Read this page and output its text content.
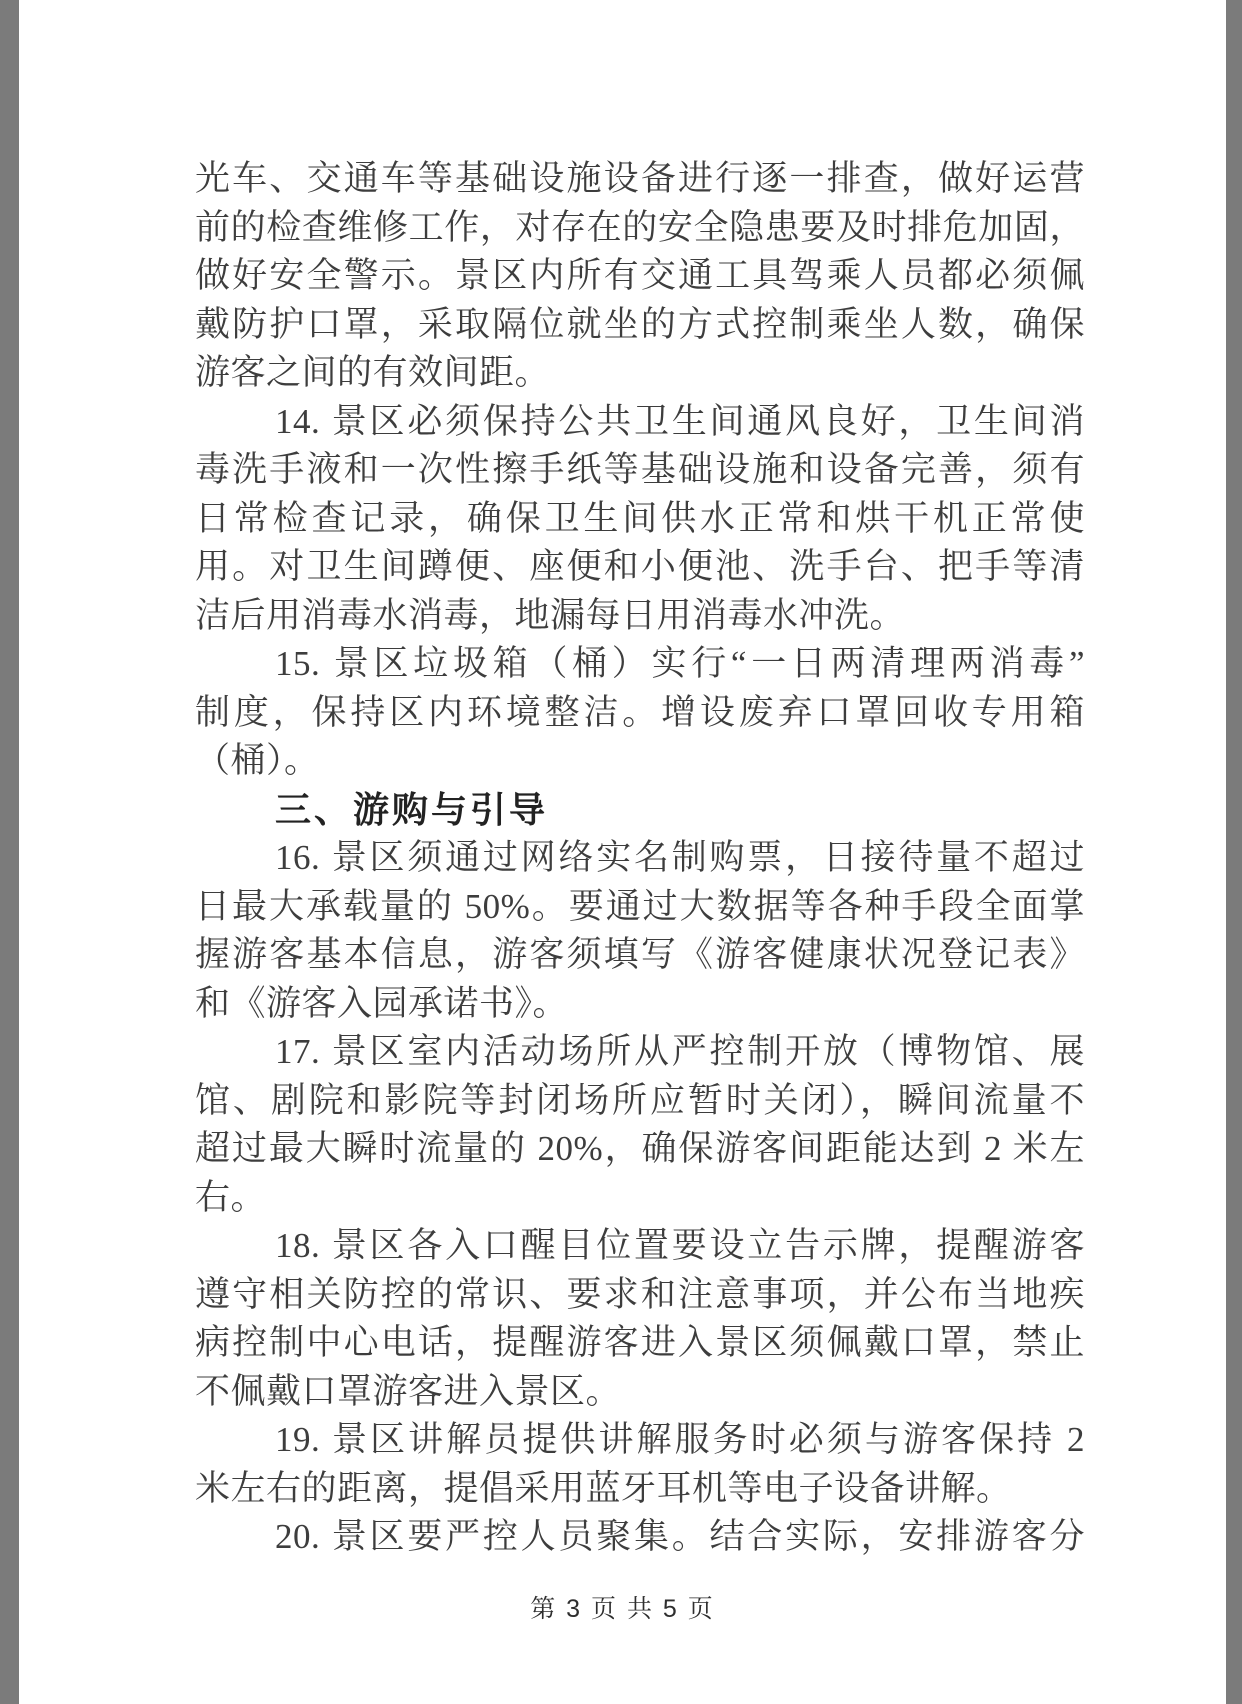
光车、交通车等基础设施设备进行逐一排查，做好运营
前的检查维修工作，对存在的安全隐患要及时排危加固，
做好安全警示。景区内所有交通工具驾乘人员都必须佩
戴防护口罩，采取隔位就坐的方式控制乘坐人数，确保
游客之间的有效间距。
14. 景区必须保持公共卫生间通风良好，卫生间消
毒洗手液和一次性擦手纸等基础设施和设备完善，须有
日常检查记录，确保卫生间供水正常和烘干机正常使
用。对卫生间蹲便、座便和小便池、洗手台、把手等清
洁后用消毒水消毒，地漏每日用消毒水冲洗。
15. 景区垃圾箱（桶）实行“一日两清理两消毒”
制度，保持区内环境整洁。增设废弃口罩回收专用箱
（桶）。
三、游购与引导
16. 景区须通过网络实名制购票，日接待量不超过
日最大承载量的 50%。要通过大数据等各种手段全面掌
握游客基本信息，游客须填写《游客健康状况登记表》
和《游客入园承诺书》。
17. 景区室内活动场所从严控制开放（博物馆、展
馆、剧院和影院等封闭场所应暂时关闭），瞬间流量不
超过最大瞬时流量的 20%，确保游客间距能达到 2 米左
右。
18. 景区各入口醒目位置要设立告示牌，提醒游客
遵守相关防控的常识、要求和注意事项，并公布当地疾
病控制中心电话，提醒游客进入景区须佩戴口罩，禁止
不佩戴口罩游客进入景区。
19. 景区讲解员提供讲解服务时必须与游客保持 2
米左右的距离，提倡采用蓝牙耳机等电子设备讲解。
20. 景区要严控人员聚集。结合实际，安排游客分
第 3 页 共 5 页
